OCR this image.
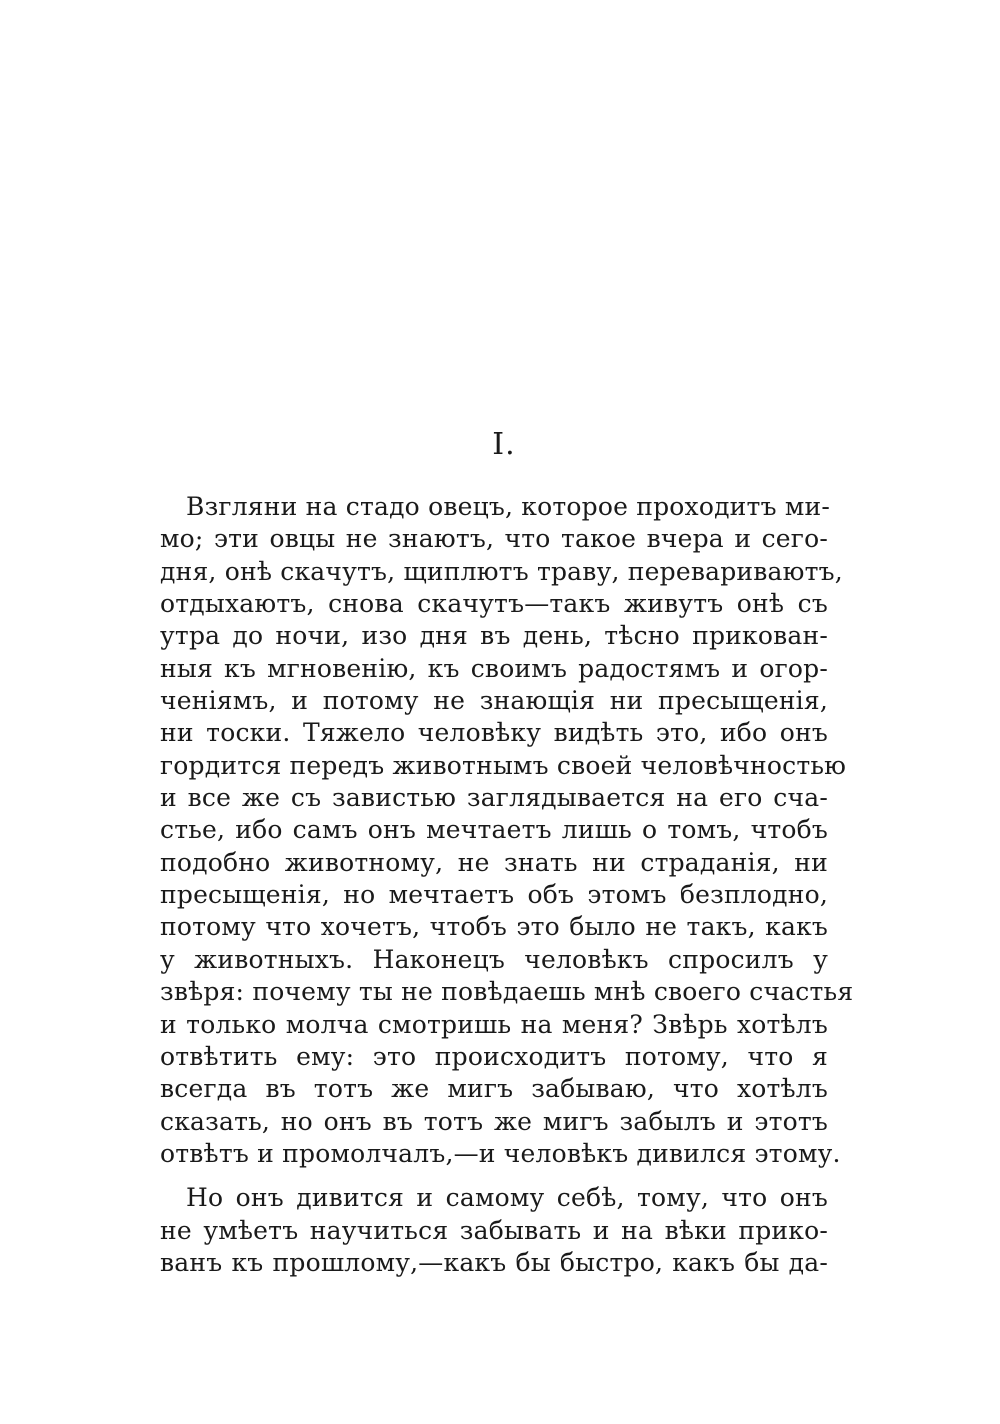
I.
Взгляни на стадо овецъ, которое проходитъ ми-
мо; эти овцы не знаютъ, что такое вчера и сего-
дня, онѣ скачутъ, щиплютъ траву, перевариваютъ,
отдыхаютъ, снова скачутъ—такъ живутъ онѣ съ
утра до ночи, изо дня въ день, тѣсно прикован-
ныя къ мгновенію, къ своимъ радостямъ и огор-
ченіямъ, и потому не знающія ни пресыщенія,
ни тоски. Тяжело человѣку видѣть это, ибо онъ
гордится передъ животнымъ своей человѣчностью
и все же съ завистью заглядывается на его сча-
стье, ибо самъ онъ мечтаетъ лишь о томъ, чтобъ
подобно животному, не знать ни страданія, ни
пресыщенія, но мечтаетъ объ этомъ безплодно,
потому что хочетъ, чтобъ это было не такъ, какъ
у животныхъ. Наконецъ человѣкъ спросилъ у
звѣря: почему ты не повѣдаешь мнѣ своего счастья
и только молча смотришь на меня? Звѣрь хотѣлъ
отвѣтить ему: это происходитъ потому, что я
всегда въ тотъ же мигъ забываю, что хотѣлъ
сказать, но онъ въ тотъ же мигъ забылъ и этотъ
отвѣтъ и промолчалъ,—и человѣкъ дивился этому.
Но онъ дивится и самому себѣ, тому, что онъ
не умѣетъ научиться забывать и на вѣки прико-
ванъ къ прошлому,—какъ бы быстро, какъ бы да-
